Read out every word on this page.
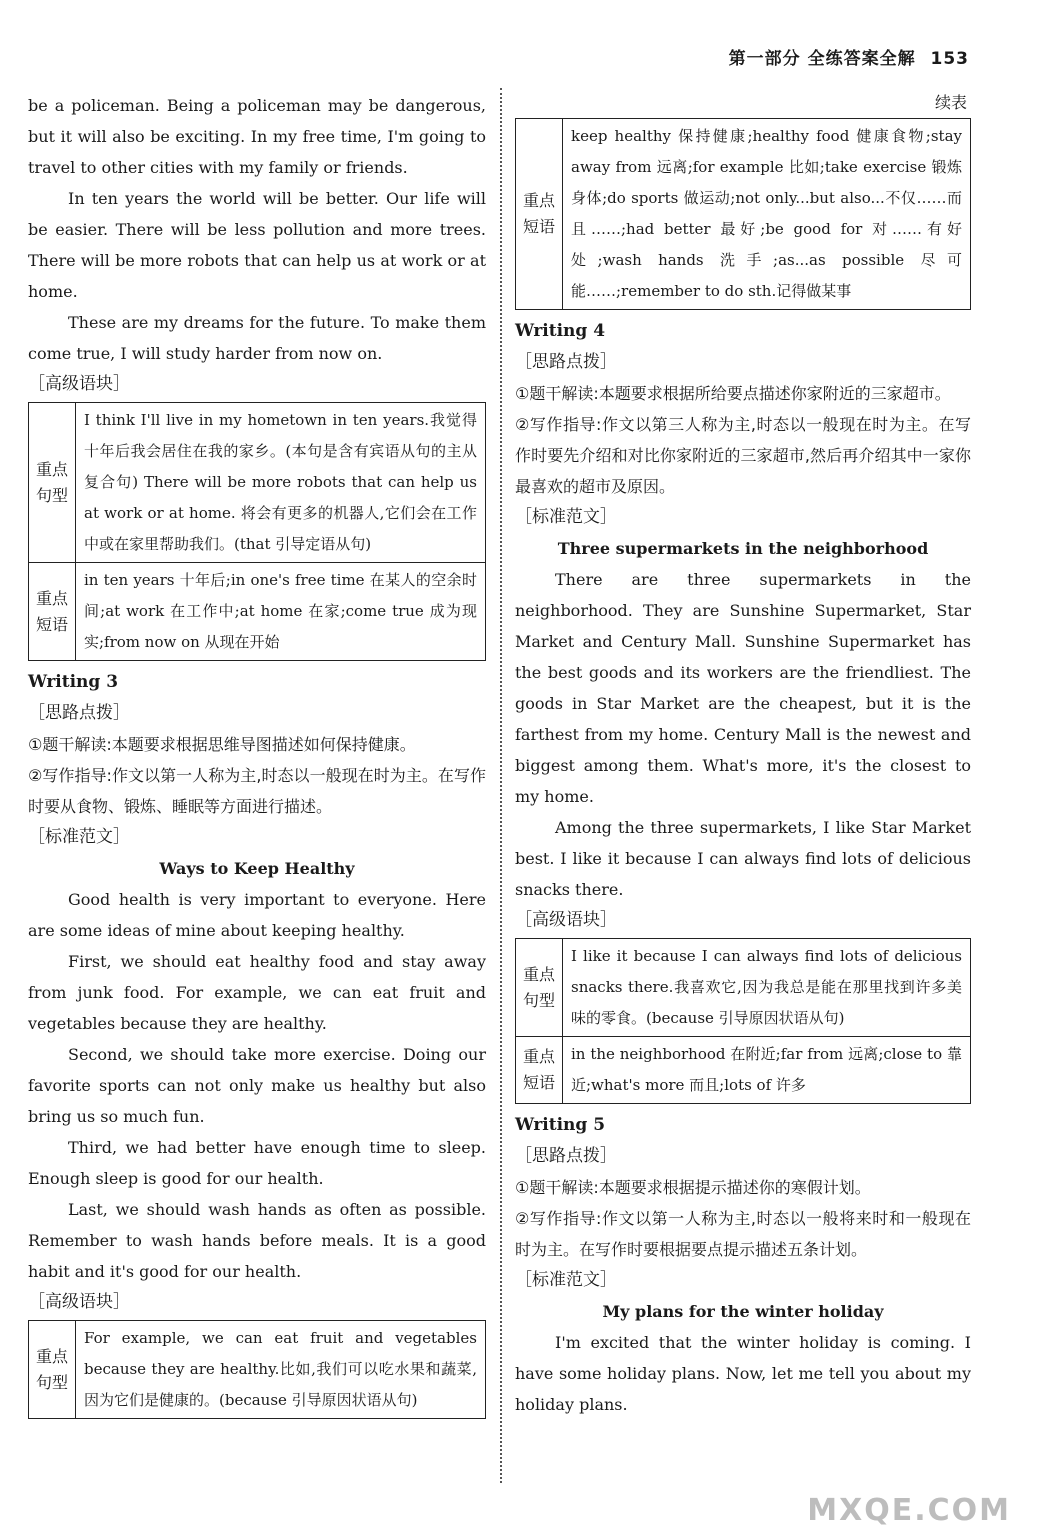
第一部分 全练答案全解 153

be a policeman. Being a policeman may be dangerous, but it will also be exciting. In my free time, I'm going to travel to other cities with my family or friends.

In ten years the world will be better. Our life will be easier. There will be less pollution and more trees. There will be more robots that can help us at work or at home.

These are my dreams for the future. To make them come true, I will study harder from now on.

［高级语块］
重点句型	I think I'll live in my hometown in ten years.我觉得十年后我会居住在我的家乡。(本句是含有宾语从句的主从复合句) There will be more robots that can help us at work or at home. 将会有更多的机器人,它们会在工作中或在家里帮助我们。(that 引导定语从句)
重点短语	in ten years 十年后;in one's free time 在某人的空余时间;at work 在工作中;at home 在家;come true 成为现实;from now on 从现在开始
Writing 3
［思路点拨］
①题干解读:本题要求根据思维导图描述如何保持健康。
②写作指导:作文以第一人称为主,时态以一般现在时为主。在写作时要从食物、锻炼、睡眠等方面进行描述。
［标准范文］
Ways to Keep Healthy

Good health is very important to everyone. Here are some ideas of mine about keeping healthy.

First, we should eat healthy food and stay away from junk food. For example, we can eat fruit and vegetables because they are healthy.

Second, we should take more exercise. Doing our favorite sports can not only make us healthy but also bring us so much fun.

Third, we had better have enough time to sleep. Enough sleep is good for our health.

Last, we should wash hands as often as possible. Remember to wash hands before meals. It is a good habit and it's good for our health.

［高级语块］
重点句型	For example, we can eat fruit and vegetables because they are healthy.比如,我们可以吃水果和蔬菜,因为它们是健康的。(because 引导原因状语从句)
续表
重点短语	keep healthy 保持健康;healthy food 健康食物;stay away from 远离;for example 比如;take exercise 锻炼身体;do sports 做运动;not only...but also...不仅……而且……;had better 最好;be good for 对……有好处;wash hands 洗手;as...as possible 尽可能……;remember to do sth.记得做某事
Writing 4
［思路点拨］
①题干解读:本题要求根据所给要点描述你家附近的三家超市。
②写作指导:作文以第三人称为主,时态以一般现在时为主。在写作时要先介绍和对比你家附近的三家超市,然后再介绍其中一家你最喜欢的超市及原因。
［标准范文］
Three supermarkets in the neighborhood

There are three supermarkets in the neighborhood. They are Sunshine Supermarket, Star Market and Century Mall. Sunshine Supermarket has the best goods and its workers are the friendliest. The goods in Star Market are the cheapest, but it is the farthest from my home. Century Mall is the newest and biggest among them. What's more, it's the closest to my home.

Among the three supermarkets, I like Star Market best. I like it because I can always find lots of delicious snacks there.

［高级语块］
重点句型	I like it because I can always find lots of delicious snacks there.我喜欢它,因为我总是能在那里找到许多美味的零食。(because 引导原因状语从句)
重点短语	in the neighborhood 在附近;far from 远离;close to 靠近;what's more 而且;lots of 许多
Writing 5
［思路点拨］
①题干解读:本题要求根据提示描述你的寒假计划。
②写作指导:作文以第一人称为主,时态以一般将来时和一般现在时为主。在写作时要根据要点提示描述五条计划。
［标准范文］
My plans for the winter holiday

I'm excited that the winter holiday is coming. I have some holiday plans. Now, let me tell you about my holiday plans.

MXQE.COM
